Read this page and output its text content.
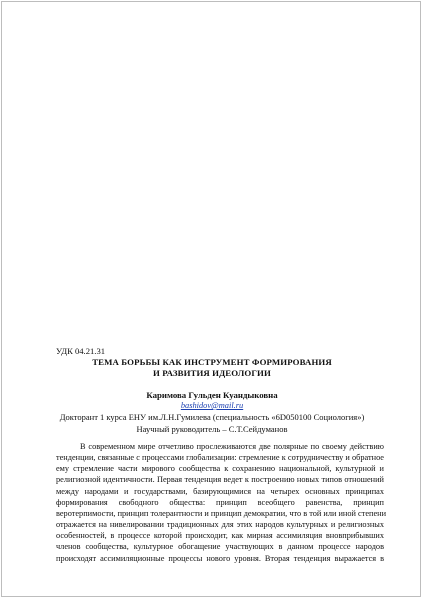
УДК 04.21.31
ТЕМА БОРЬБЫ КАК ИНСТРУМЕНТ ФОРМИРОВАНИЯ
И РАЗВИТИЯ ИДЕОЛОГИИ
Каримова Гульден Куандыковна
bashidov@mail.ru
Докторант 1 курса ЕНУ им.Л.Н.Гумилева (специальность «6D050100 Социология»)
Научный руководитель – С.Т.Сейдуманов
В современном мире отчетливо прослеживаются две полярные по своему действию
тенденции, связанные с процессами глобализации: стремление к сотрудничеству и обратное
ему стремление части мирового сообщества к сохранению национальной, культурной и
религиозной идентичности. Первая тенденция ведет к построению новых типов отношений
между народами и государствами, базирующимися на четырех основных принципах
формирования свободного общества: принцип всеобщего равенства, принцип
веротерпимости, принцип толерантности и принцип демократии, что в той или иной степени
отражается на нивелировании традиционных для этих народов культурных и религиозных
особенностей, в процессе которой происходит, как мирная ассимиляция вновприбывших
членов сообщества, культурное обогащение участвующих в данном процессе народов
происходят ассимиляционные процессы нового уровня. Вторая тенденция выражается в
